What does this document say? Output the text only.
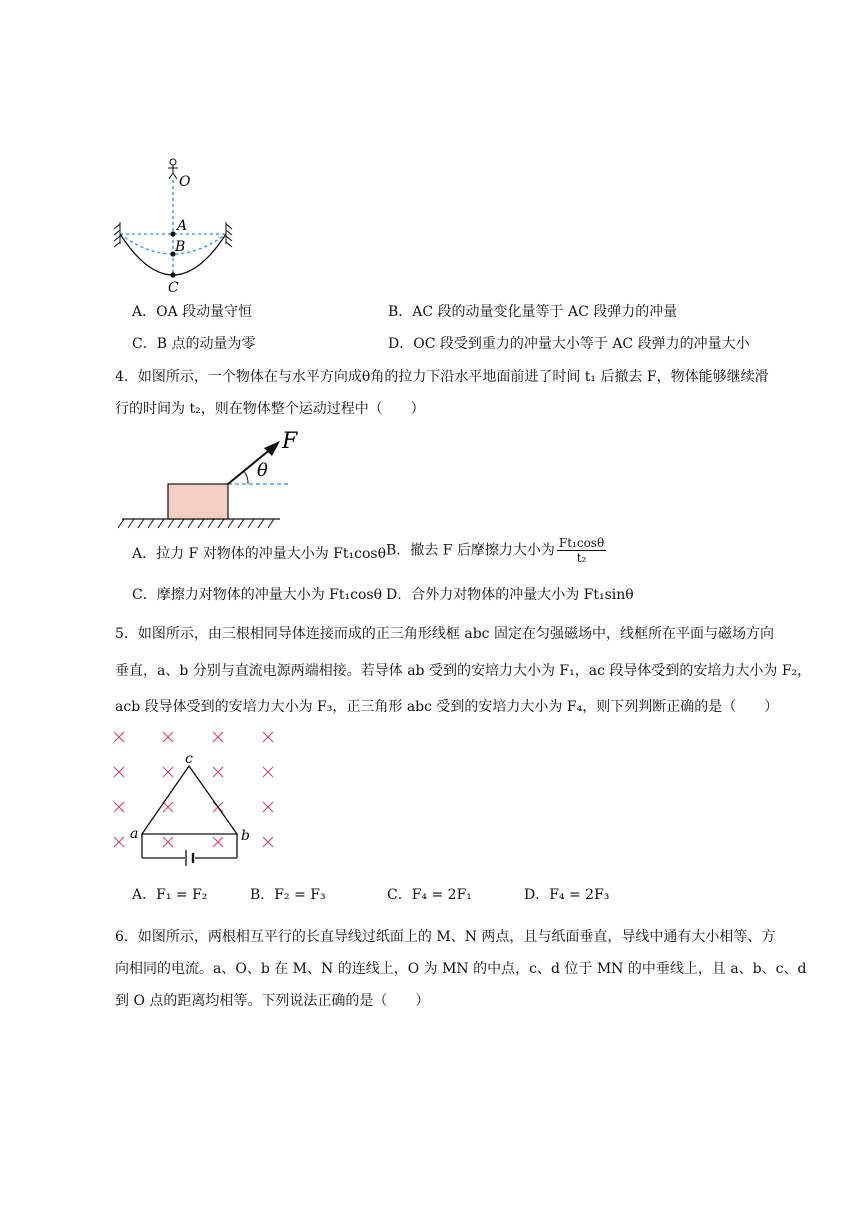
O
A
B
C
A．OA 段动量守恒	B．AC 段的动量变化量等于 AC 段弹力的冲量
C．B 点的动量为零	D．OC 段受到重力的冲量大小等于 AC 段弹力的冲量大小
4．如图所示，一个物体在与水平方向成θ角的拉力下沿水平地面前进了时间 t₁ 后撤去 F，物体能够继续滑
行的时间为 t₂，则在物体整个运动过程中（　　）
θ
F
A．拉力 F 对物体的冲量大小为 Ft₁cosθ B．撤去 F 后摩擦力大小为 $\frac{\text{Ft₁cosθ}}{\text{t₂}}$
C．摩擦力对物体的冲量大小为 Ft₁cosθ D．合外力对物体的冲量大小为 Ft₁sinθ
5．如图所示，由三根相同导体连接而成的正三角形线框 abc 固定在匀强磁场中，线框所在平面与磁场方向
垂直，a、b 分别与直流电源两端相接。若导体 ab 受到的安培力大小为 F₁，ac 段导体受到的安培力大小为 F₂，
acb 段导体受到的安培力大小为 F₃，正三角形 abc 受到的安培力大小为 F₄，则下列判断正确的是（　　）
a	b
c
A．F₁ = F₂	B．F₂ = F₃	C．F₄ = 2F₁	D．F₄ = 2F₃
6．如图所示，两根相互平行的长直导线过纸面上的 M、N 两点，且与纸面垂直，导线中通有大小相等、方
向相同的电流。a、O、b 在 M、N 的连线上，O 为 MN 的中点，c、d 位于 MN 的中垂线上，且 a、b、c、d
到 O 点的距离均相等。下列说法正确的是（　　）
